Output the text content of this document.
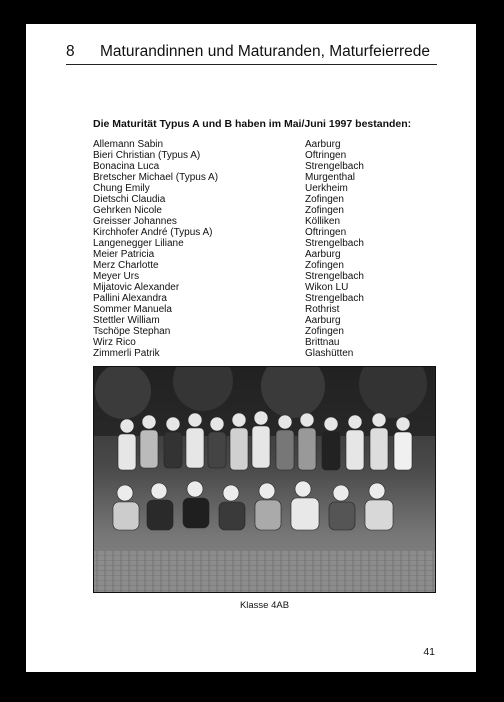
8 Maturandinnen und Maturanden, Maturfeierrede
Die Maturität Typus A und B haben im Mai/Juni 1997 bestanden:
Allemann Sabin
Bieri Christian (Typus A)
Bonacina Luca
Bretscher Michael (Typus A)
Chung Emily
Dietschi Claudia
Gehrken Nicole
Greisser Johannes
Kirchhofer André (Typus A)
Langenegger Liliane
Meier Patricia
Merz Charlotte
Meyer Urs
Mijatovic Alexander
Pallini Alexandra
Sommer Manuela
Stettler William
Tschöpe Stephan
Wirz Rico
Zimmerli Patrik
Aarburg
Oftringen
Strengelbach
Murgenthal
Uerkheim
Zofingen
Zofingen
Kölliken
Oftringen
Strengelbach
Aarburg
Zofingen
Strengelbach
Wikon LU
Strengelbach
Rothrist
Aarburg
Zofingen
Brittnau
Glashütten
Klasse 4AB
41
